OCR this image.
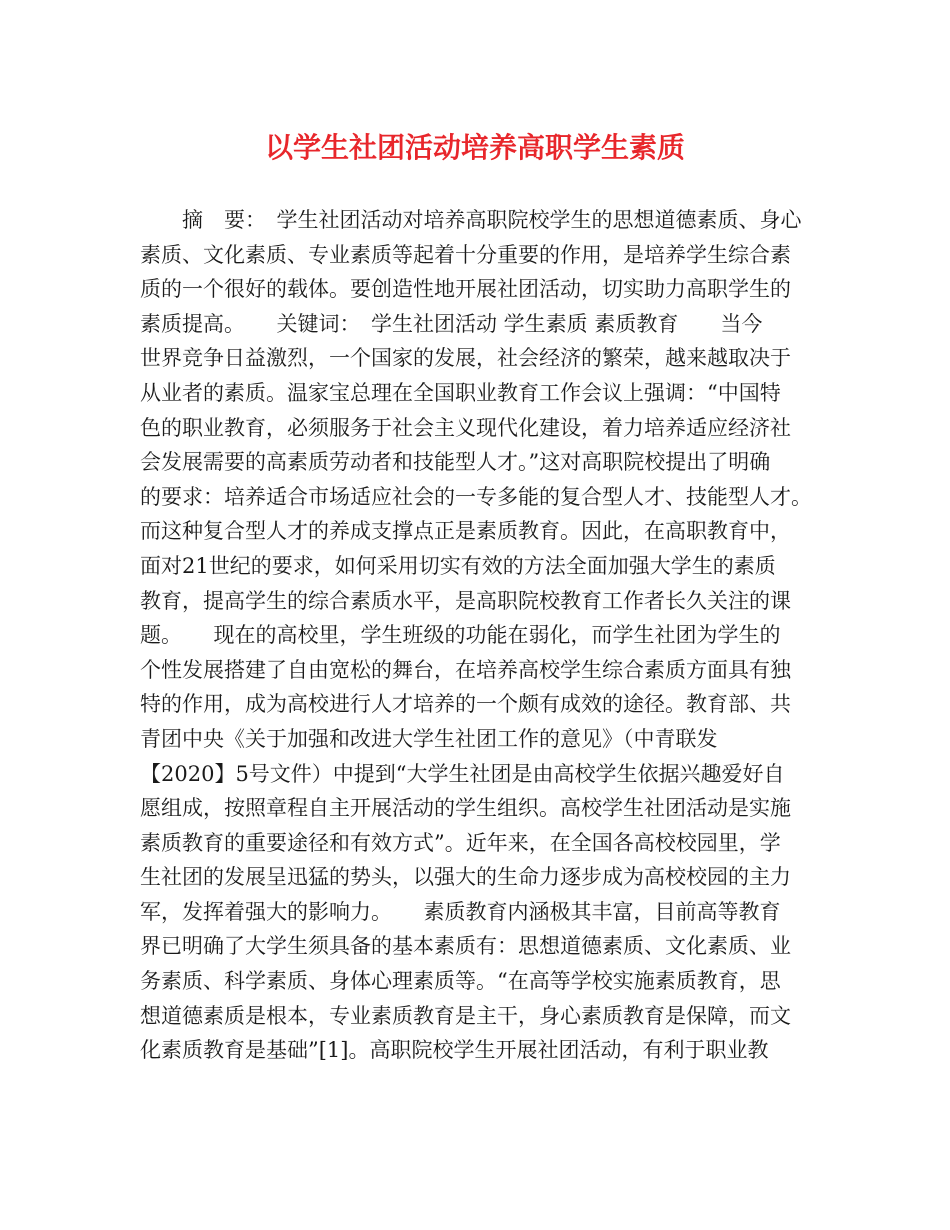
以学生社团活动培养高职学生素质
　　摘　要：　学生社团活动对培养高职院校学生的思想道德素质、身心
素质、文化素质、专业素质等起着十分重要的作用，是培养学生综合素
质的一个很好的载体。要创造性地开展社团活动，切实助力高职学生的
素质提高。　　关键词：　学生社团活动 学生素质 素质教育　　当今
世界竞争日益激烈，一个国家的发展，社会经济的繁荣，越来越取决于
从业者的素质。温家宝总理在全国职业教育工作会议上强调：“中国特
色的职业教育，必须服务于社会主义现代化建设，着力培养适应经济社
会发展需要的高素质劳动者和技能型人才。”这对高职院校提出了明确
的要求：培养适合市场适应社会的一专多能的复合型人才、技能型人才。
而这种复合型人才的养成支撑点正是素质教育。因此，在高职教育中，
面对21世纪的要求，如何采用切实有效的方法全面加强大学生的素质
教育，提高学生的综合素质水平，是高职院校教育工作者长久关注的课
题。　　现在的高校里，学生班级的功能在弱化，而学生社团为学生的
个性发展搭建了自由宽松的舞台，在培养高校学生综合素质方面具有独
特的作用，成为高校进行人才培养的一个颇有成效的途径。教育部、共
青团中央《关于加强和改进大学生社团工作的意见》（中青联发
【2020】5号文件）中提到“大学生社团是由高校学生依据兴趣爱好自
愿组成，按照章程自主开展活动的学生组织。高校学生社团活动是实施
素质教育的重要途径和有效方式”。近年来，在全国各高校校园里，学
生社团的发展呈迅猛的势头，以强大的生命力逐步成为高校校园的主力
军，发挥着强大的影响力。　　素质教育内涵极其丰富，目前高等教育
界已明确了大学生须具备的基本素质有：思想道德素质、文化素质、业
务素质、科学素质、身体心理素质等。“在高等学校实施素质教育，思
想道德素质是根本，专业素质教育是主干，身心素质教育是保障，而文
化素质教育是基础”[1]。高职院校学生开展社团活动，有利于职业教
